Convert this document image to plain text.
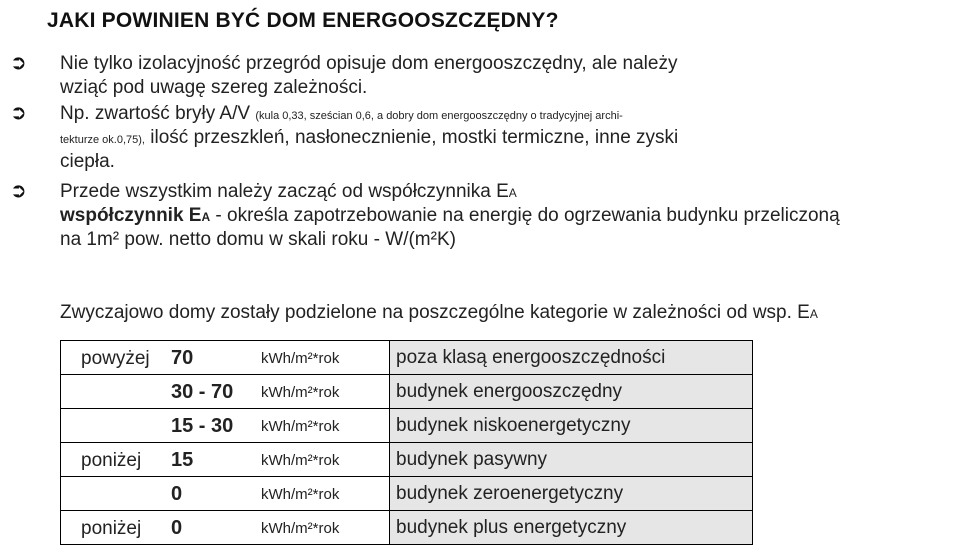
JAKI POWINIEN BYĆ DOM ENERGOOSZCZĘDNY?
➲ Nie tylko izolacyjność przegród opisuje dom energooszczędny, ale należy
wziąć pod uwagę szereg zależności.
➲ Np. zwartość bryły A/V (kula 0,33, sześcian 0,6, a dobry dom energooszczędny o tradycyjnej archi-
tekturze ok.0,75), ilość przeszkleń, nasłonecznienie, mostki termiczne, inne zyski
ciepła.
➲ Przede wszystkim należy zacząć od współczynnika EA
współczynnik EA - określa zapotrzebowanie na energię do ogrzewania budynku przeliczoną
na 1m² pow. netto domu w skali roku - W/(m²K)
Zwyczajowo domy zostały podzielone na poszczególne kategorie w zależności od wsp. EA
powyżej 70 kWh/m²*rok	poza klasą energooszczędności

30 - 70 kWh/m²*rok	budynek energooszczędny

15 - 30 kWh/m²*rok	budynek niskoenergetyczny

poniżej 15 kWh/m²*rok	budynek pasywny

0 kWh/m²*rok	budynek zeroenergetyczny

poniżej 0 kWh/m²*rok	budynek plus energetyczny
